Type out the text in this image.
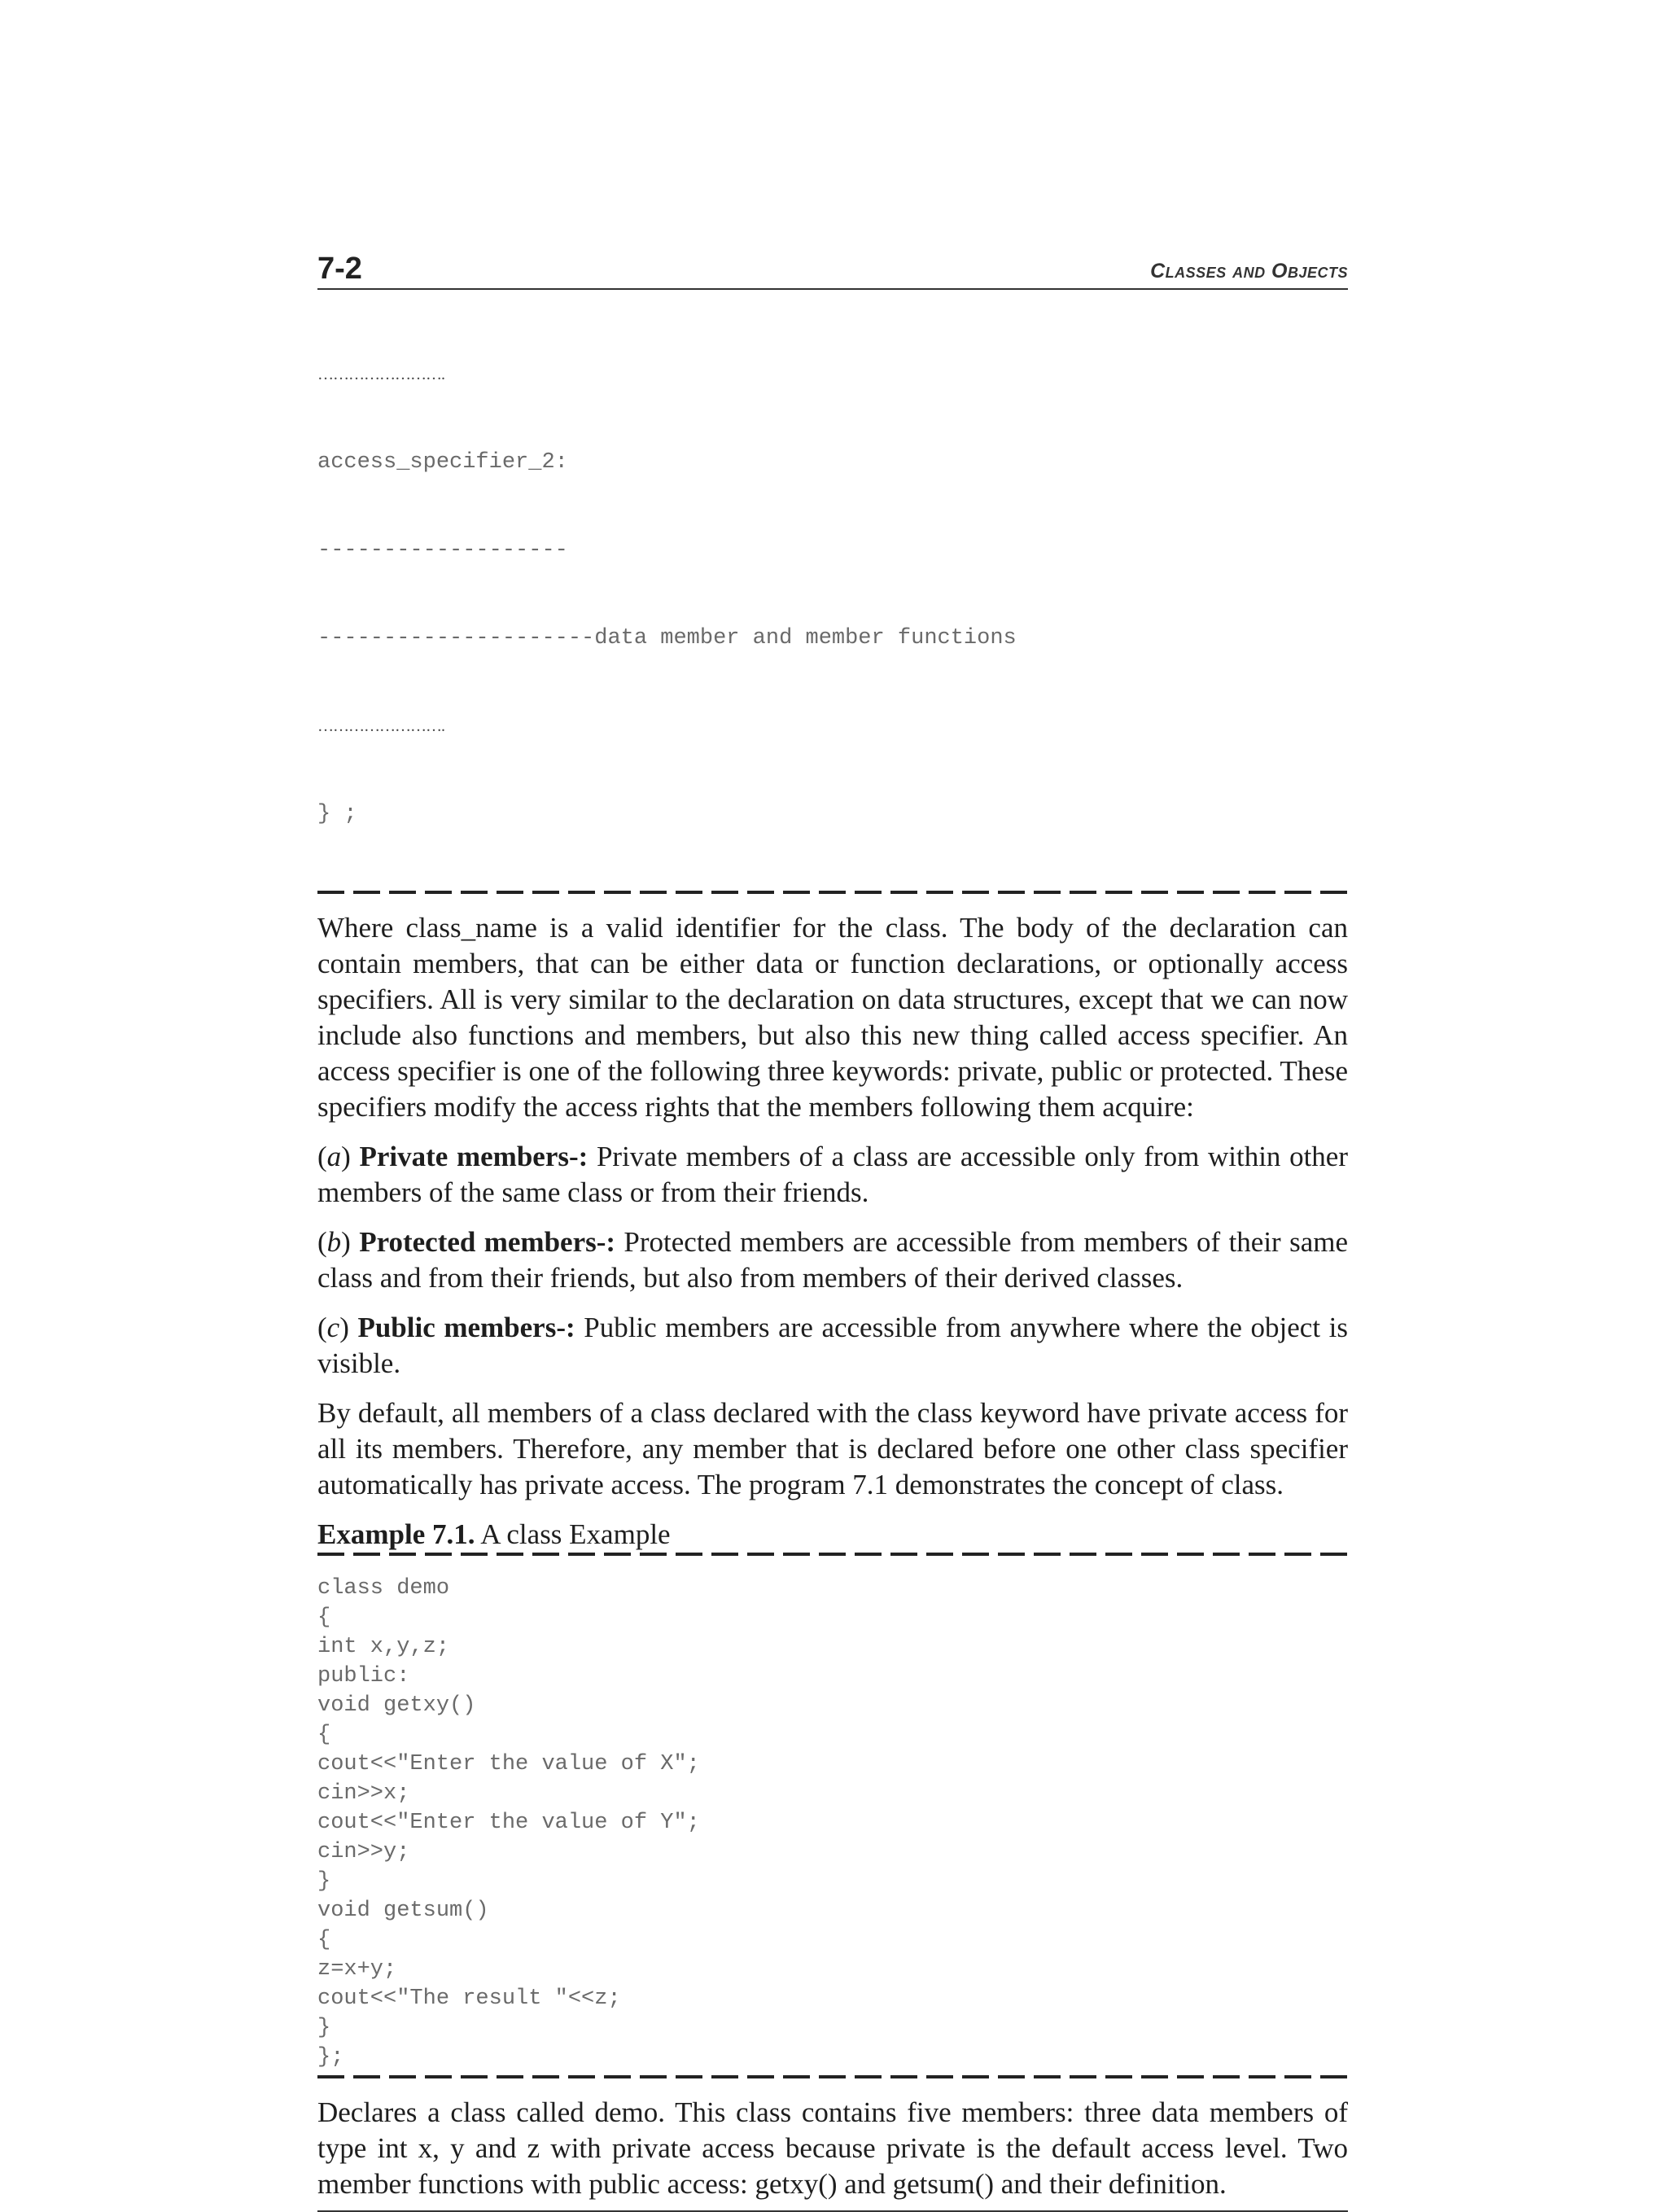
7-2	Classes and Objects

…………………….

access_specifier_2:

-------------------

---------------------data member and member functions

…………………….

} ;

Where class_name is a valid identifier for the class. The body of the declaration can contain members, that can be either data or function declarations, or optionally access specifiers. All is very similar to the declaration on data structures, except that we can now include also functions and members, but also this new thing called access specifier. An access specifier is one of the following three keywords: private, public or protected. These specifiers modify the access rights that the members following them acquire:

(a) Private members-: Private members of a class are accessible only from within other members of the same class or from their friends.

(b) Protected members-: Protected members are accessible from members of their same class and from their friends, but also from members of their derived classes.

(c) Public members-: Public members are accessible from anywhere where the object is visible.

By default, all members of a class declared with the class keyword have private access for all its members. Therefore, any member that is declared before one other class specifier automatically has private access. The program 7.1 demonstrates the concept of class.

Example 7.1. A class Example
class demo
{
int x,y,z;
public:
void getxy()
{
cout<<"Enter the value of X";
cin>>x;
cout<<"Enter the value of Y";
cin>>y;
}
void getsum()
{
z=x+y;
cout<<"The result "<<z;
}
};

Declares a class called demo. This class contains five members: three data members of type int x, y and z with private access because private is the default access level. Two member functions with public access: getxy() and getsum() and their definition.
